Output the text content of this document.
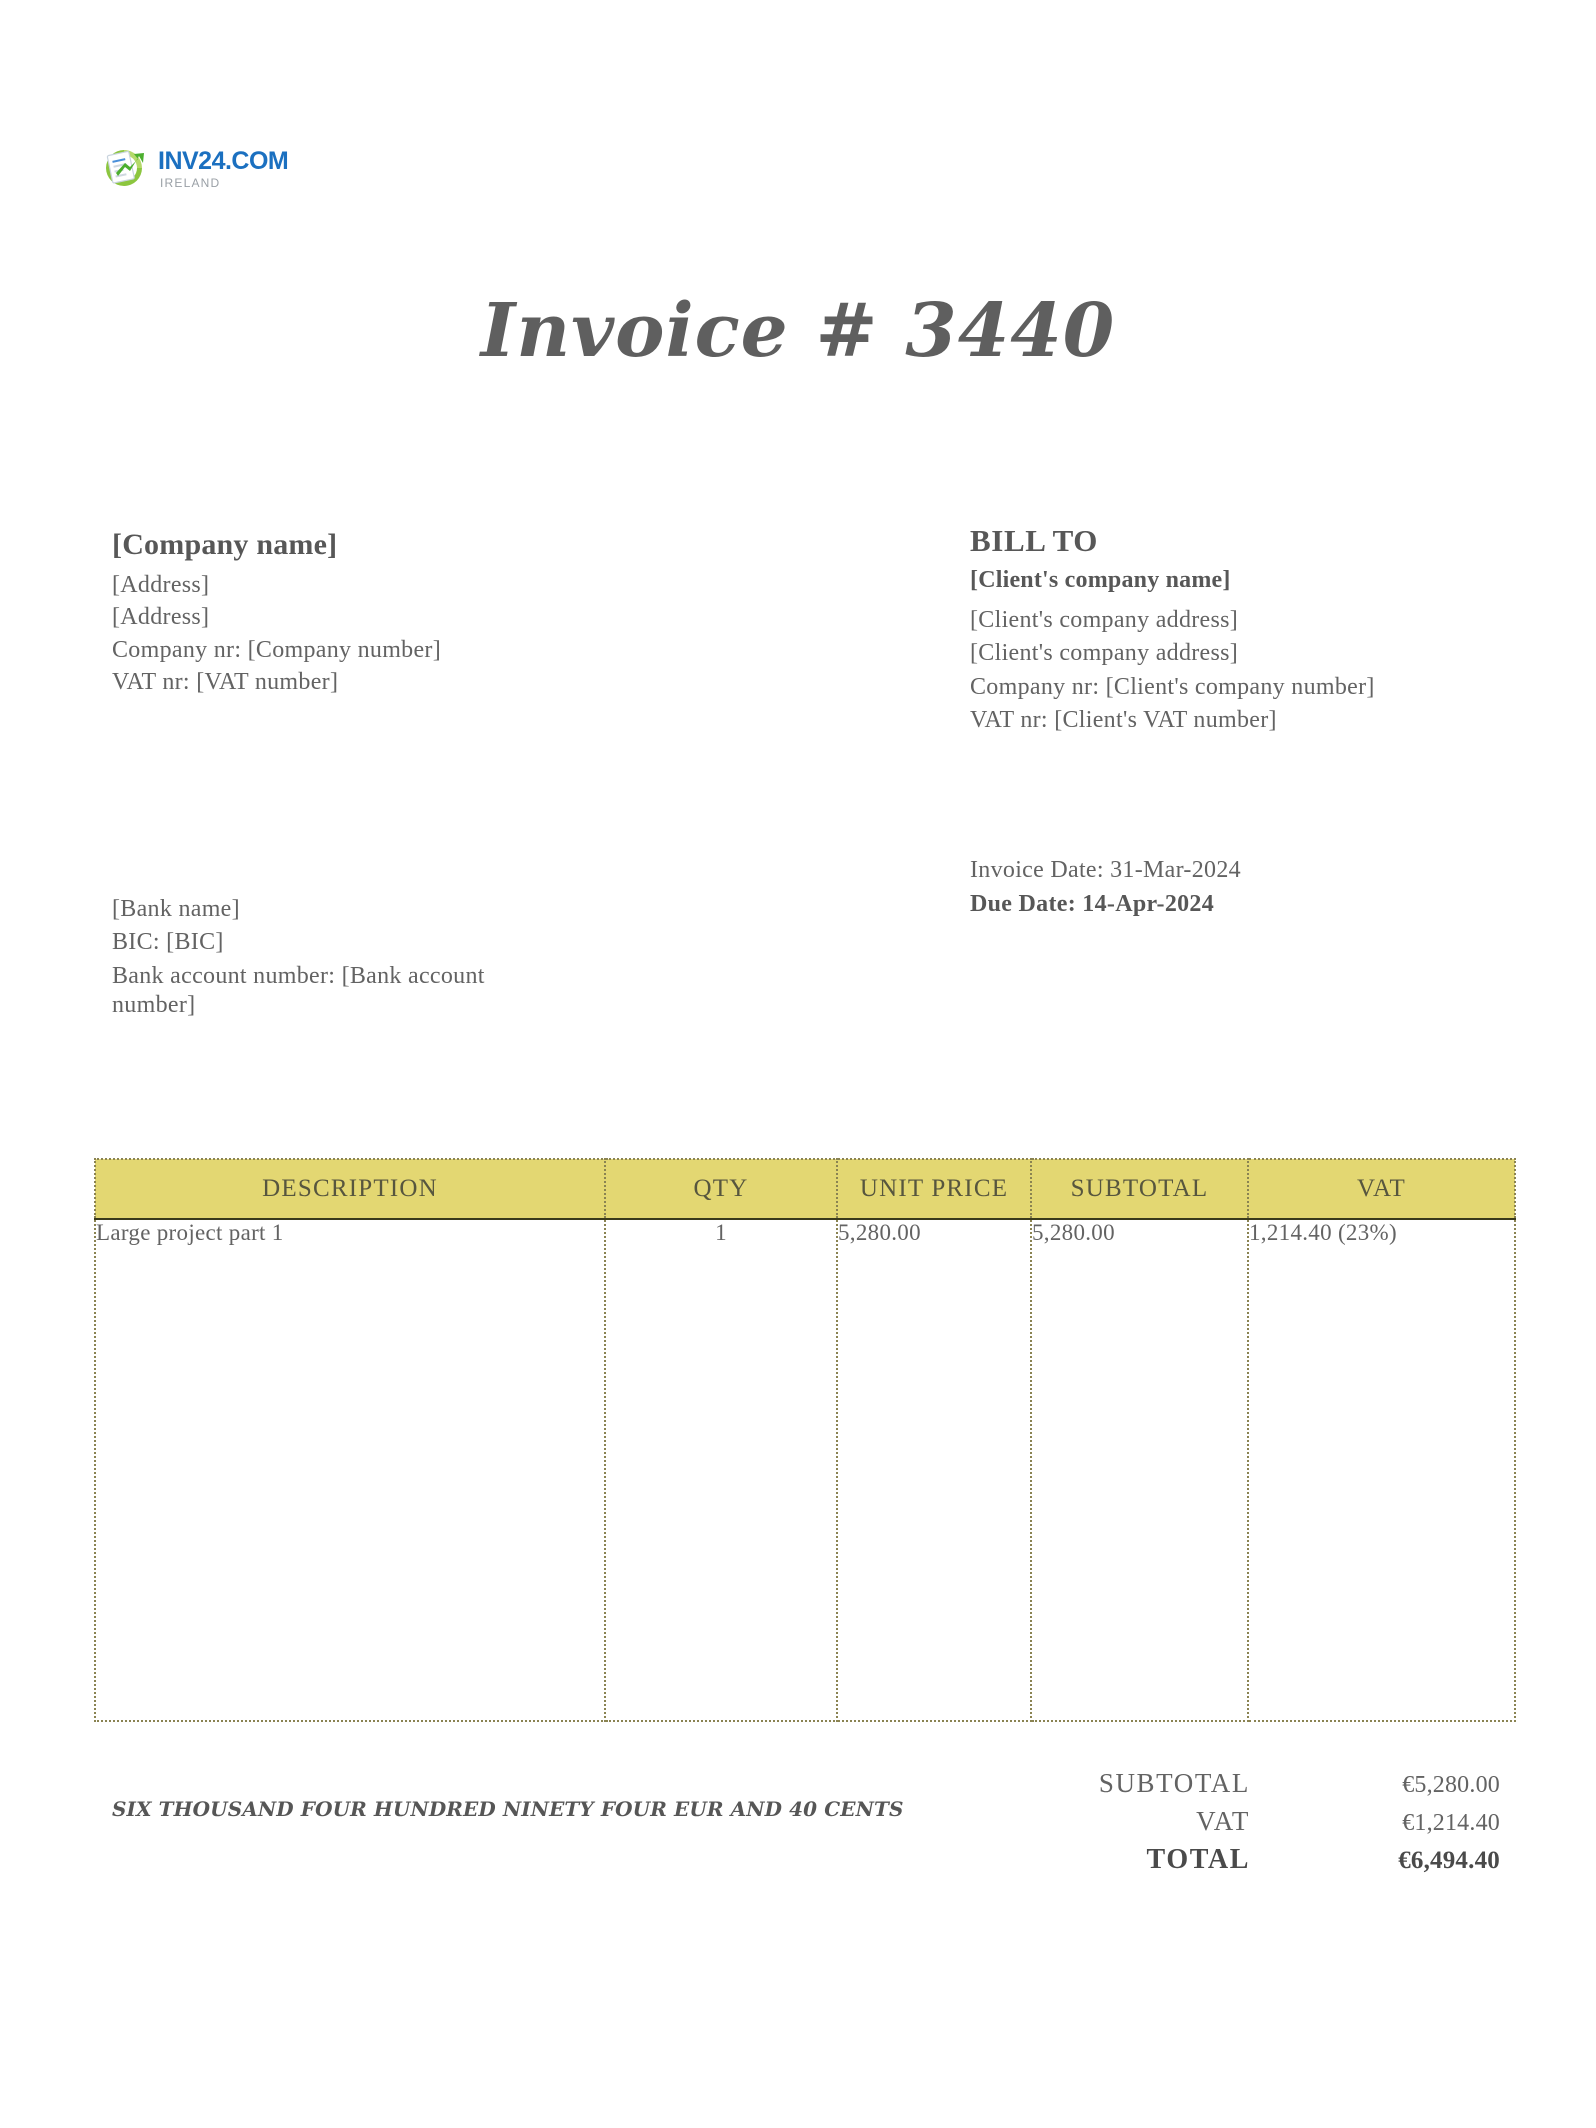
INV24.COM
IRELAND
Invoice # 3440
[Company name]
[Address]
[Address]
Company nr: [Company number]
VAT nr: [VAT number]
[Bank name]
BIC: [BIC]
Bank account number: [Bank account number]
BILL TO
[Client's company name]
[Client's company address]
[Client's company address]
Company nr: [Client's company number]
VAT nr: [Client's VAT number]
Invoice Date: 31-Mar-2024
Due Date: 14-Apr-2024
DESCRIPTION	QTY	UNIT PRICE	SUBTOTAL	VAT
Large project part 1	1	5,280.00	5,280.00	1,214.40 (23%)
SIX THOUSAND FOUR HUNDRED NINETY FOUR EUR AND 40 CENTS
SUBTOTAL	€5,280.00
VAT	€1,214.40
TOTAL	€6,494.40
